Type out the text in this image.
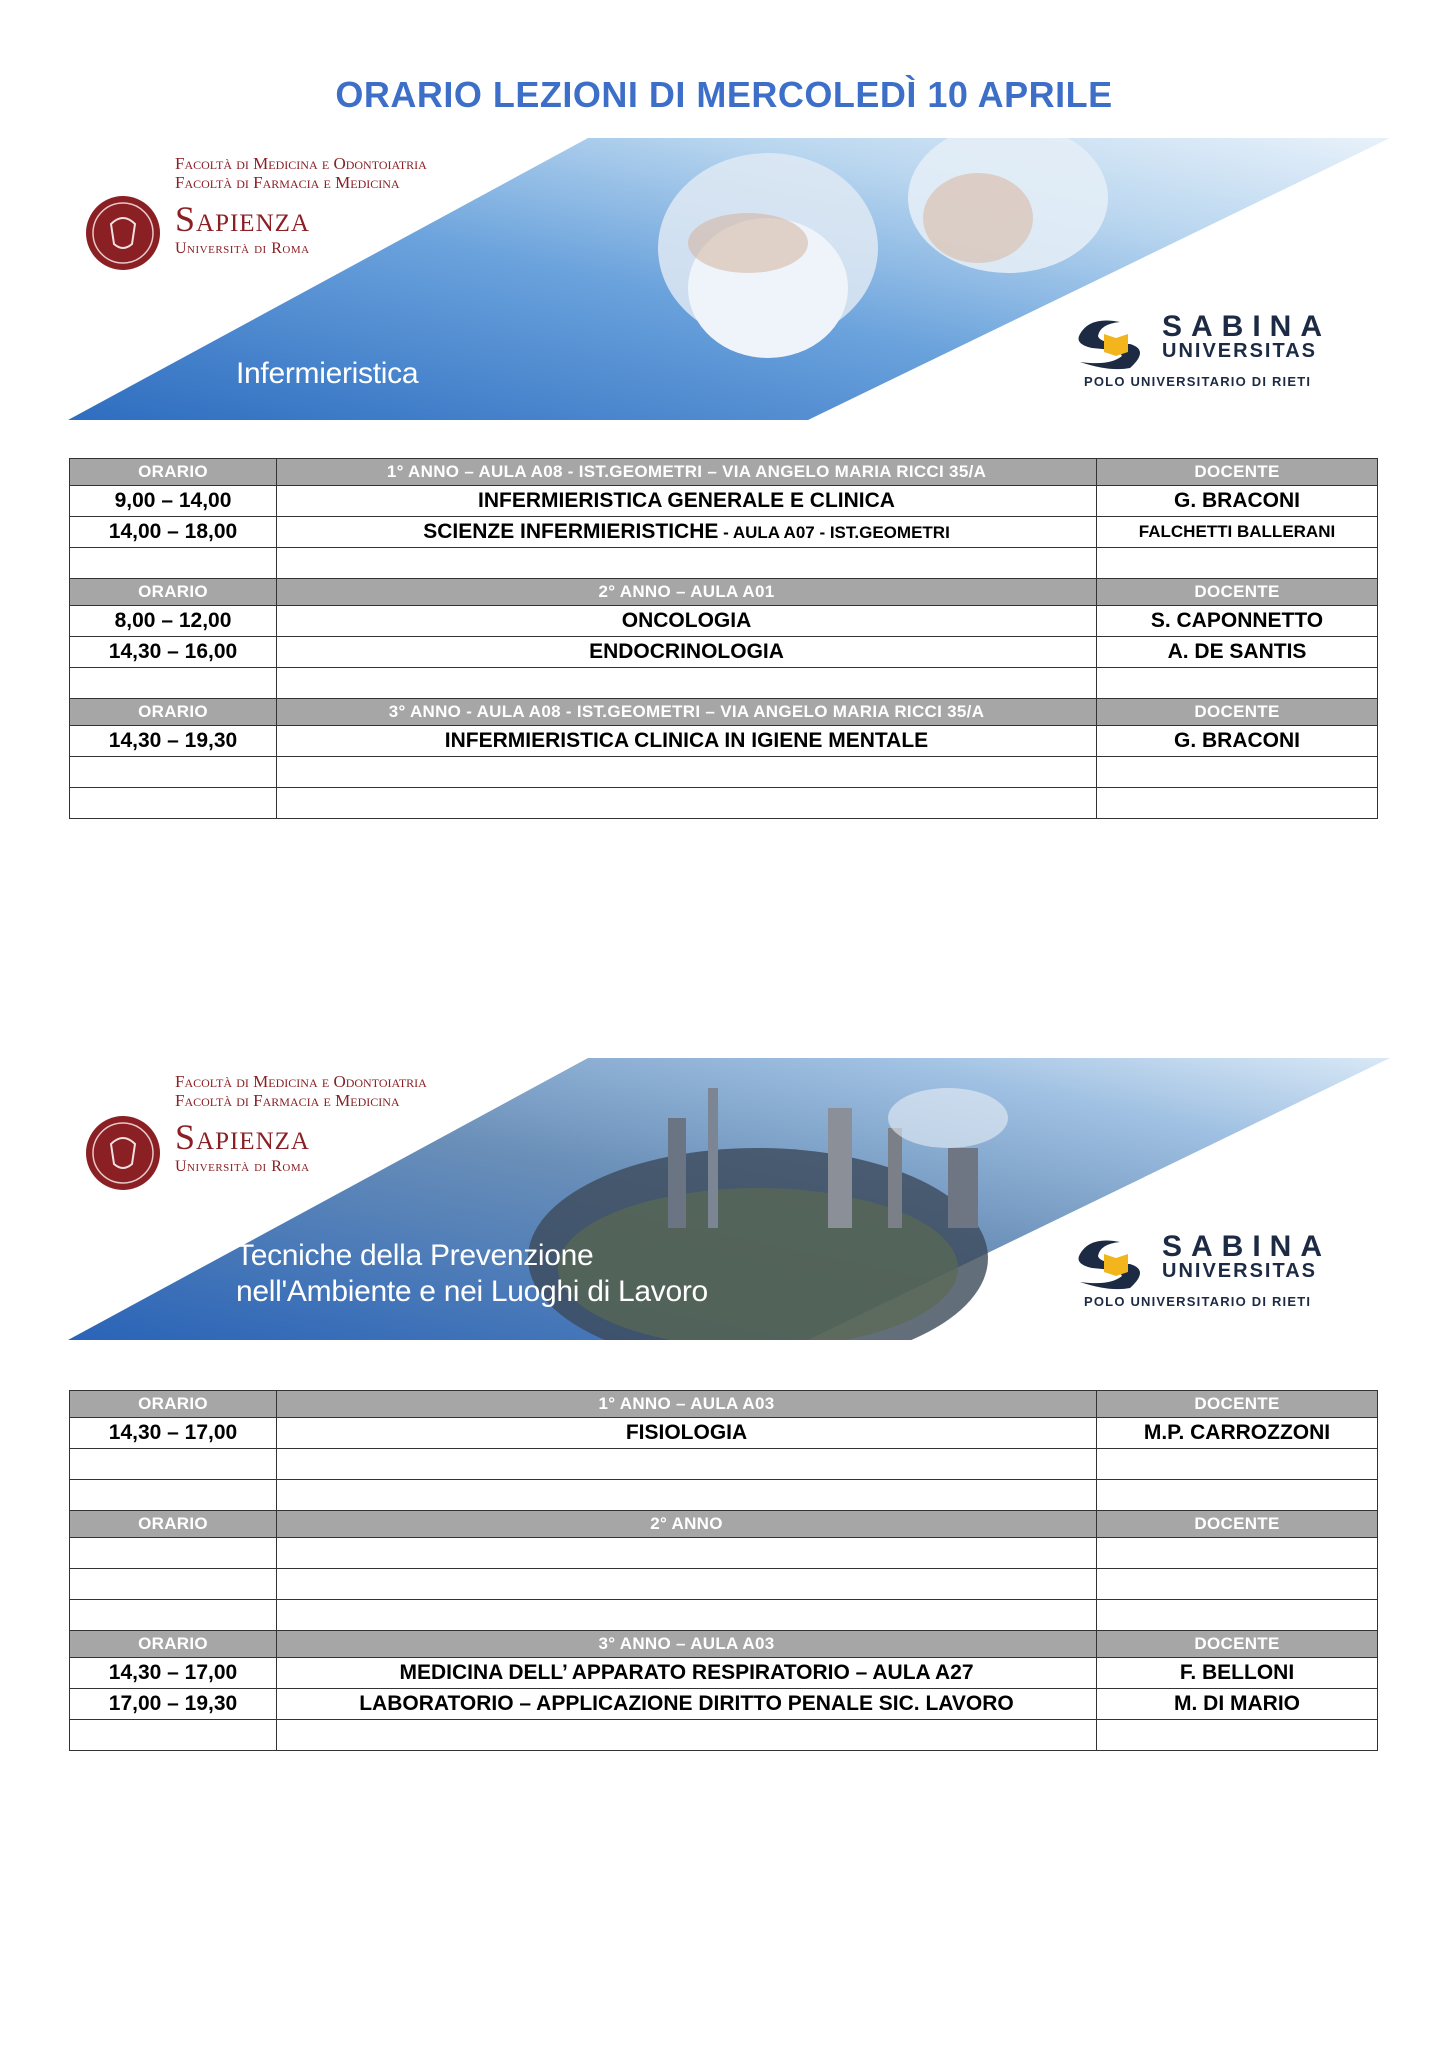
ORARIO LEZIONI DI MERCOLEDÌ 10 APRILE
Facoltà di Medicina e Odontoiatria
Facoltà di Farmacia e Medicina
Sapienza
Università di Roma
Infermieristica
SABINA
UNIVERSITAS
POLO UNIVERSITARIO DI RIETI
ORARIO	1° ANNO – AULA A08 - IST.GEOMETRI – VIA ANGELO MARIA RICCI 35/A	DOCENTE
9,00 – 14,00	INFERMIERISTICA GENERALE E CLINICA	G. BRACONI
14,00 – 18,00	SCIENZE INFERMIERISTICHE - AULA A07 - IST.GEOMETRI	FALCHETTI BALLERANI

ORARIO	2° ANNO – AULA A01	DOCENTE
8,00 – 12,00	ONCOLOGIA	S. CAPONNETTO
14,30 – 16,00	ENDOCRINOLOGIA	A. DE SANTIS

ORARIO	3° ANNO - AULA A08 - IST.GEOMETRI – VIA ANGELO MARIA RICCI 35/A	DOCENTE
14,30 – 19,30	INFERMIERISTICA CLINICA IN IGIENE MENTALE	G. BRACONI

Facoltà di Medicina e Odontoiatria
Facoltà di Farmacia e Medicina
Sapienza
Università di Roma
Tecniche della Prevenzione
nell'Ambiente e nei Luoghi di Lavoro
SABINA
UNIVERSITAS
POLO UNIVERSITARIO DI RIETI
ORARIO	1° ANNO – AULA A03	DOCENTE
14,30 – 17,00	FISIOLOGIA	M.P. CARROZZONI

ORARIO	2° ANNO	DOCENTE

ORARIO	3° ANNO – AULA A03	DOCENTE
14,30 – 17,00	MEDICINA DELL’ APPARATO RESPIRATORIO – AULA A27	F. BELLONI
17,00 – 19,30	LABORATORIO – APPLICAZIONE DIRITTO PENALE SIC. LAVORO	M. DI MARIO
